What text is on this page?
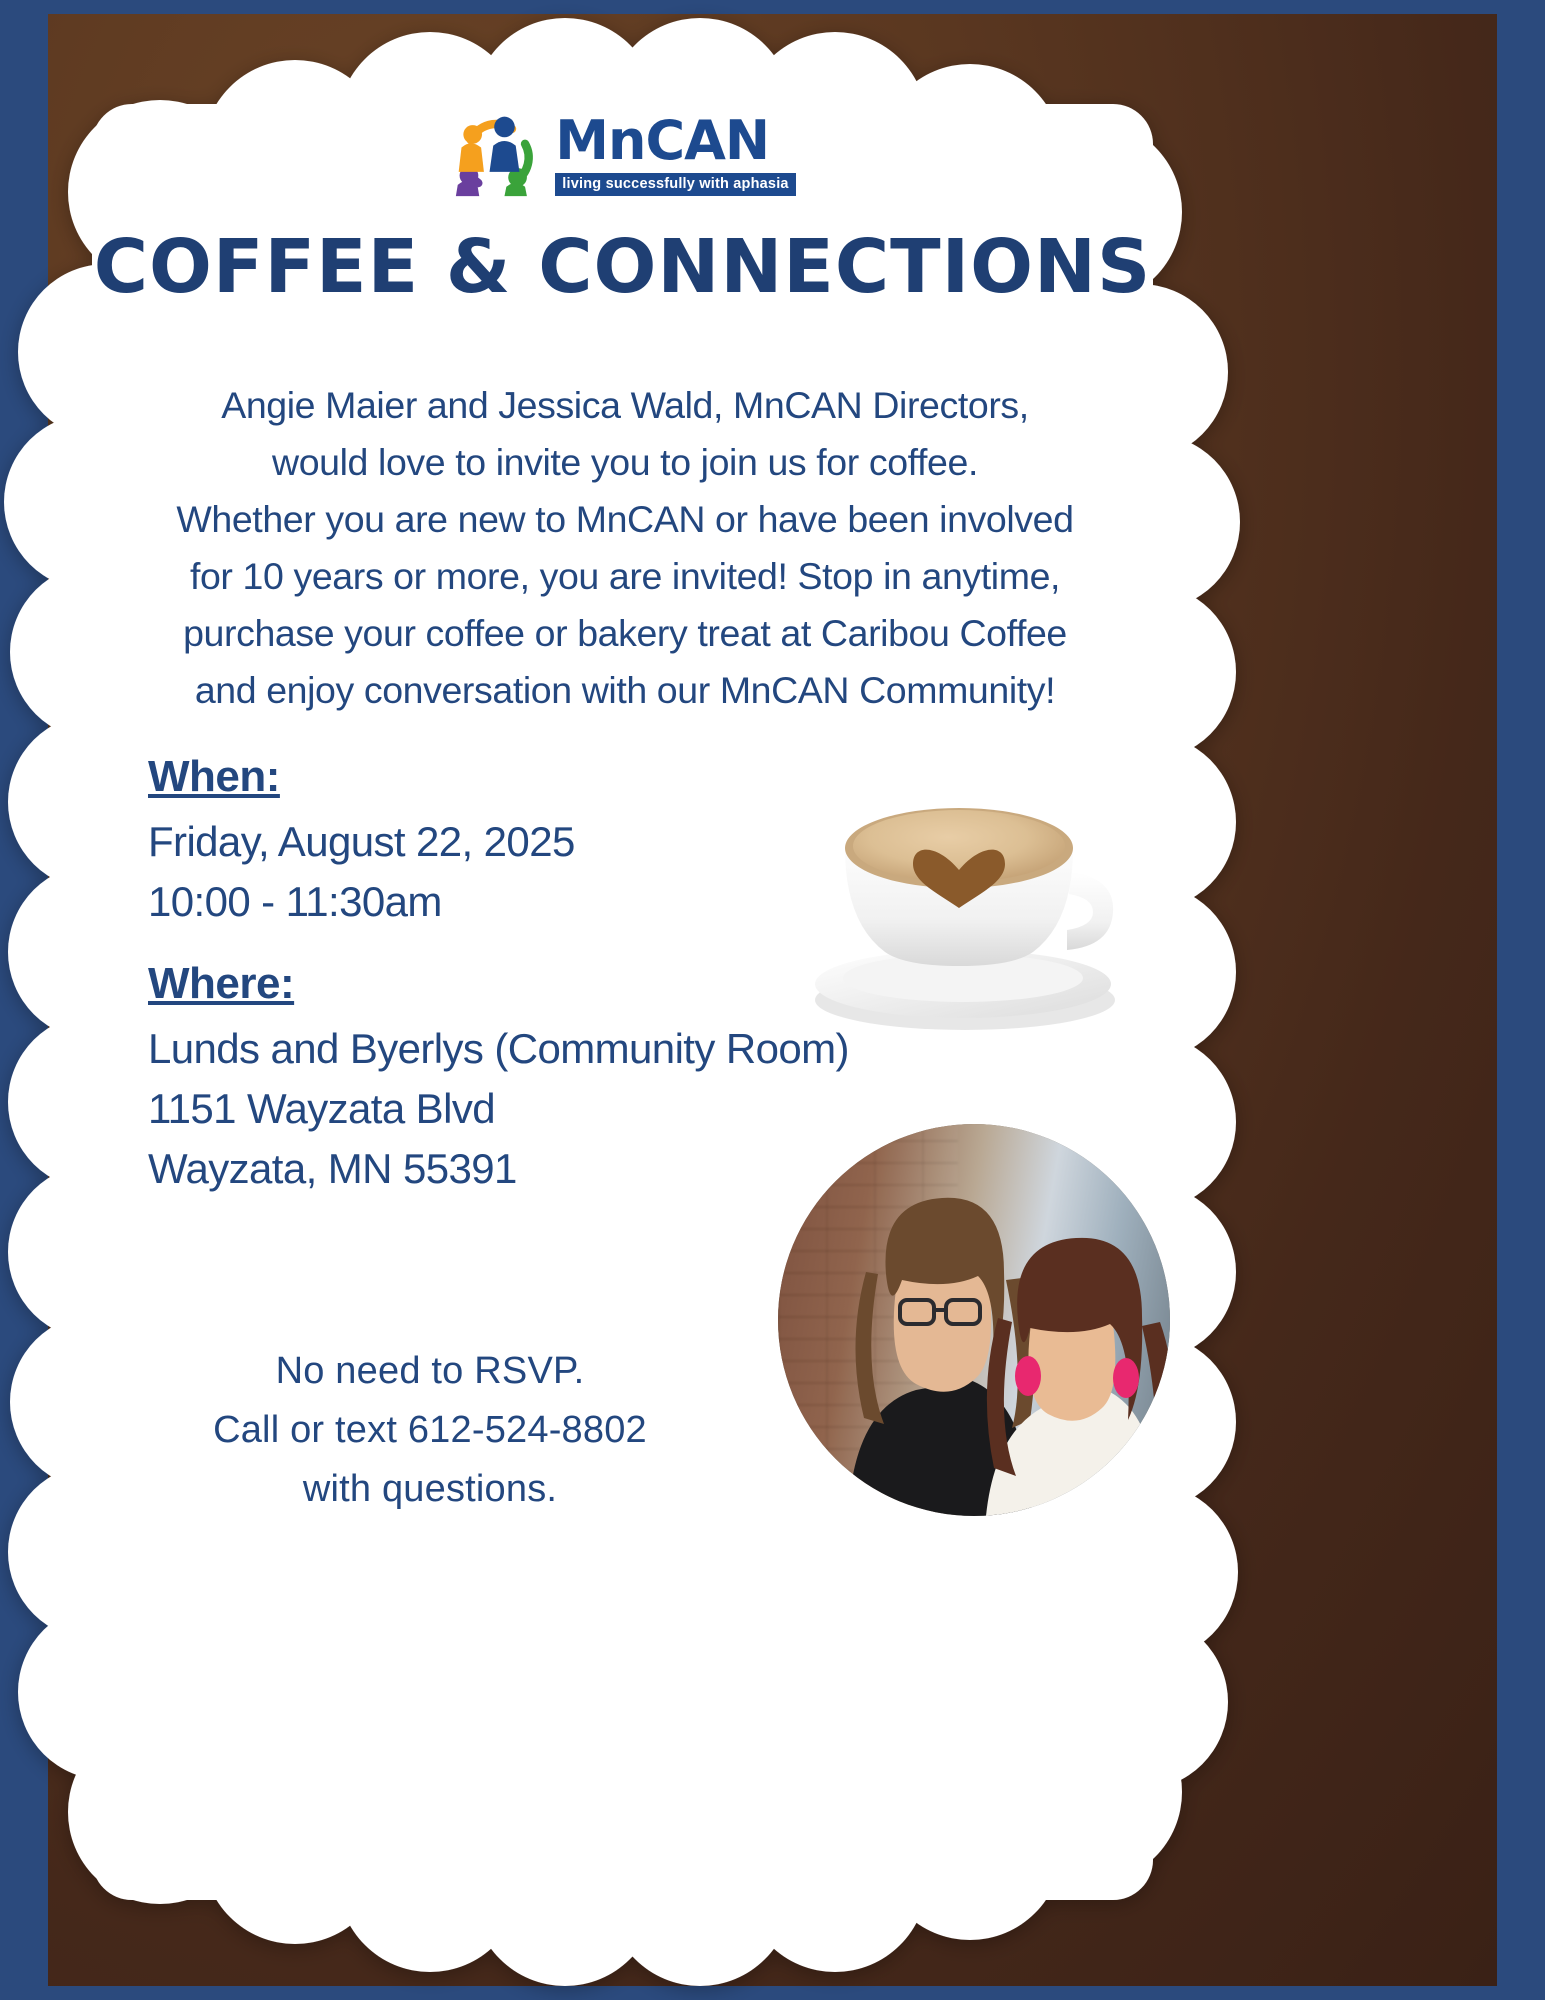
MnCAN
living successfully with aphasia
COFFEE & CONNECTIONS
Angie Maier and Jessica Wald, MnCAN Directors,
would love to invite you to join us for coffee.
Whether you are new to MnCAN or have been involved
for 10 years or more, you are invited! Stop in anytime,
purchase your coffee or bakery treat at Caribou Coffee
and enjoy conversation with our MnCAN Community!
When:
Friday, August 22, 2025
10:00 - 11:30am
Where:
Lunds and Byerlys (Community Room)
1151 Wayzata Blvd
Wayzata, MN 55391
No need to RSVP.
Call or text 612-524-8802
with questions.
